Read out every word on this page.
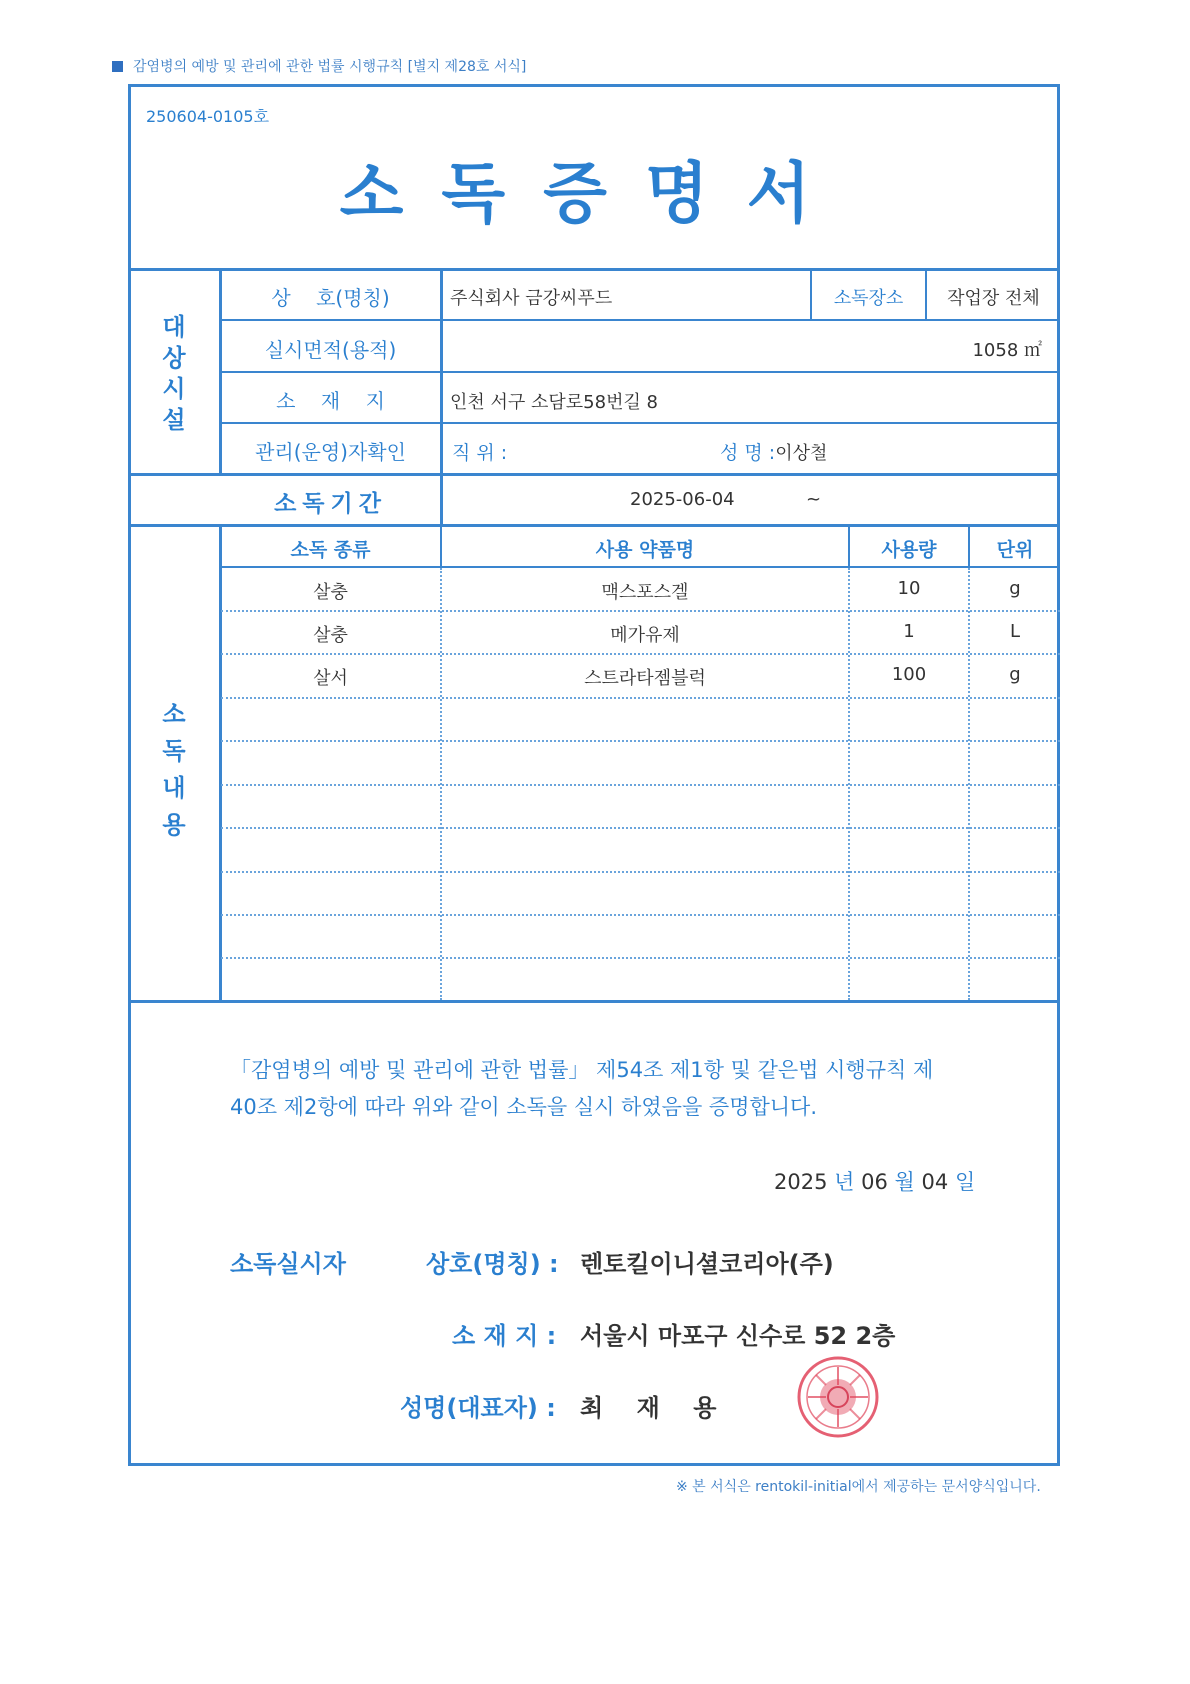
감염병의 예방 및 관리에 관한 법률 시행규칙 [별지 제28호 서식]
250604-0105호
소독증명서
대
상
시
설
상    호(명칭)	주식회사 금강씨푸드	소독장소	작업장 전체
실시면적(용적)	1058 ㎡
소    재    지	인천 서구 소담로58번길 8
관리(운영)자확인	직 위 :	성 명 :이상철
소독기간	2025-06-04	~
소
독
내
용
소독 종류	사용 약품명	사용량	단위
살충	맥스포스겔	10	g
살충	메가유제	1	L
살서	스트라타젬블럭	100	g
「감염병의 예방 및 관리에 관한 법률」 제54조 제1항 및 같은법 시행규칙 제
40조 제2항에 따라 위와 같이 소독을 실시 하였음을 증명합니다.
2025 년 06 월 04 일
소독실시자	상호(명칭) : 렌토킬이니셜코리아(주)
소 재 지 : 서울시 마포구 신수로 52 2층
성명(대표자) : 최    재    용
※ 본 서식은 rentokil-initial에서 제공하는 문서양식입니다.
